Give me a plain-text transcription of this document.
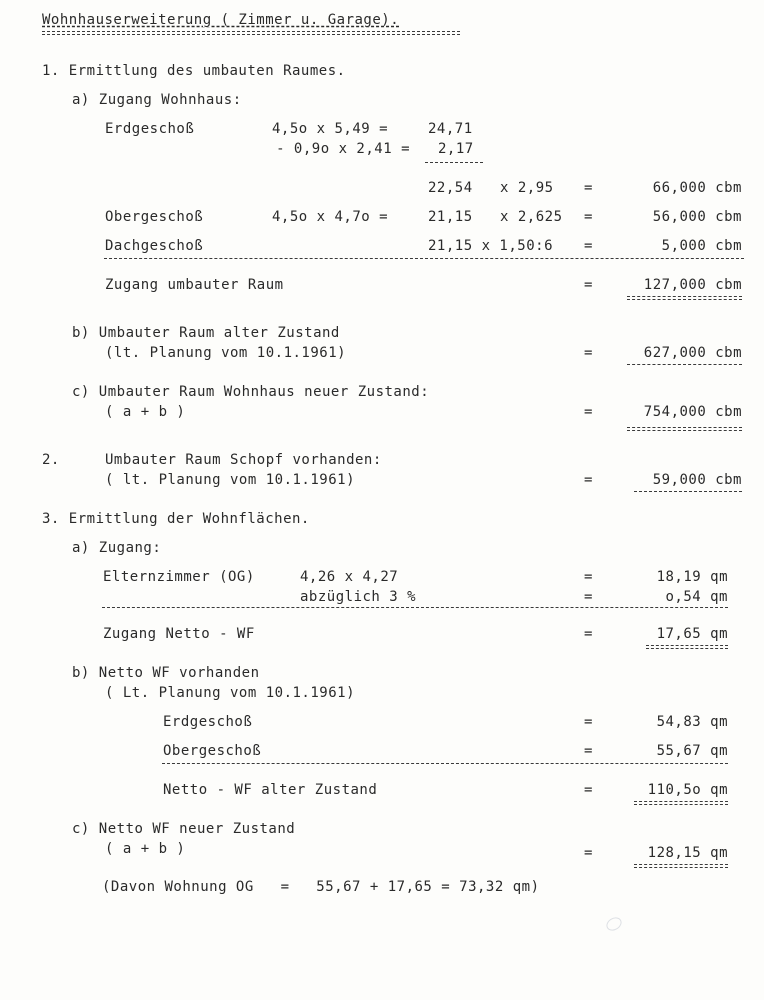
Wohnhauserweiterung ( Zimmer u. Garage).
1. Ermittlung des umbauten Raumes.
a) Zugang Wohnhaus:
Erdgeschoß	4,5o x 5,49 =	24,71
- 0,9o x 2,41 = 2,17
22,54 x 2,95 =	66,000 cbm
Obergeschoß	4,5o x 4,7o =	21,15 x 2,625 =	56,000 cbm
Dachgeschoß	21,15 x 1,50:6 =	5,000 cbm
Zugang umbauter Raum	=	127,000 cbm
b) Umbauter Raum alter Zustand
(lt. Planung vom 10.1.1961)	=	627,000 cbm
c) Umbauter Raum Wohnhaus neuer Zustand:
( a + b )	=	754,000 cbm
2.	Umbauter Raum Schopf vorhanden:
( lt. Planung vom 10.1.1961)	=	59,000 cbm
3. Ermittlung der Wohnflächen.
a) Zugang:
Elternzimmer (OG)	4,26 x 4,27	=	18,19 qm
abzüglich 3 %	=	o,54 qm
Zugang Netto - WF	=	17,65 qm
b) Netto WF vorhanden
( Lt. Planung vom 10.1.1961)
Erdgeschoß	=	54,83 qm
Obergeschoß	=	55,67 qm
Netto - WF alter Zustand	=	110,5o qm
c) Netto WF neuer Zustand
( a + b )	=	128,15 qm
(Davon Wohnung OG   =   55,67 + 17,65 = 73,32 qm)
